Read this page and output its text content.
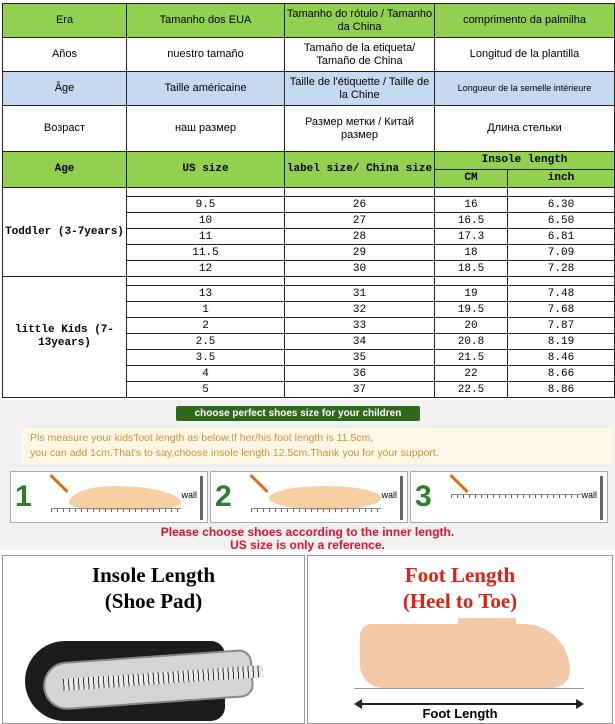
Era	Tamanho dos EUA	Tamanho do rótulo / Tamanho da China	comprimento da palmilha	
Años	nuestro tamaño	Tamaño de la etiqueta/ Tamaño de China	Longitud de la plantilla	
Âge	Taille américaine	Taille de l'étiquette / Taille de la Chine	Longueur de la semelle intérieure	
Возраст	наш размер	Размер метки / Китай размер	Длина стельки	
Age	US size	label size/ China size	Insole length	
			CM	inch
Toddler (3-7years)				
	9.5	26	16	6.30
	10	27	16.5	6.50
	11	28	17.3	6.81
	11.5	29	18	7.09
	12	30	18.5	7.28
little Kids (7-13years)				
	13	31	19	7.48
	1	32	19.5	7.68
	2	33	20	7.87
	2.5	34	20.8	8.19
	3.5	35	21.5	8.46
	4	36	22	8.66
	5	37	22.5	8.86
choose perfect shoes size for your children
Pls measure your kids'foot length as below.If her/his foot length is 11.5cm,
you can add 1cm.That's to say,choose insole length 12.5cm.Thank you for your support.
1	wall 2	wall 3	wall
Please choose shoes according to the inner length.
US size is only a reference.
Insole Length
(Shoe Pad)
Foot Length
(Heel to Toe)
Foot Length
